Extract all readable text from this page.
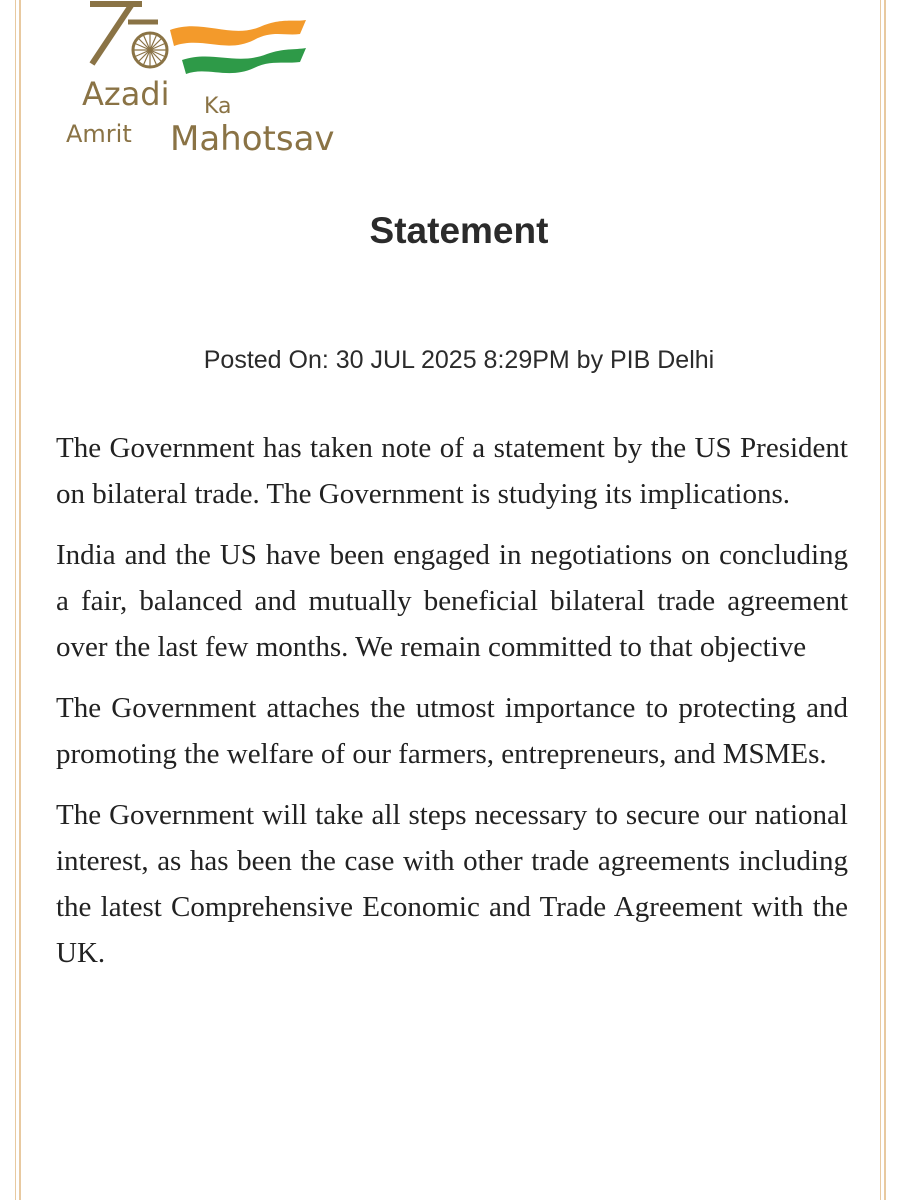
Azadi Ka
Amrit Mahotsav
Statement
Posted On: 30 JUL 2025 8:29PM by PIB Delhi

The Government has taken note of a statement by the US President on bilateral trade. The Government is studying its implications.

India and the US have been engaged in negotiations on concluding a fair, balanced and mutually beneficial bilateral trade agreement over the last few months. We remain committed to that objective

The Government attaches the utmost importance to protecting and promoting the welfare of our farmers, entrepreneurs, and MSMEs.

The Government will take all steps necessary to secure our national interest, as has been the case with other trade agreements including the latest Comprehensive Economic and Trade Agreement with the UK.
